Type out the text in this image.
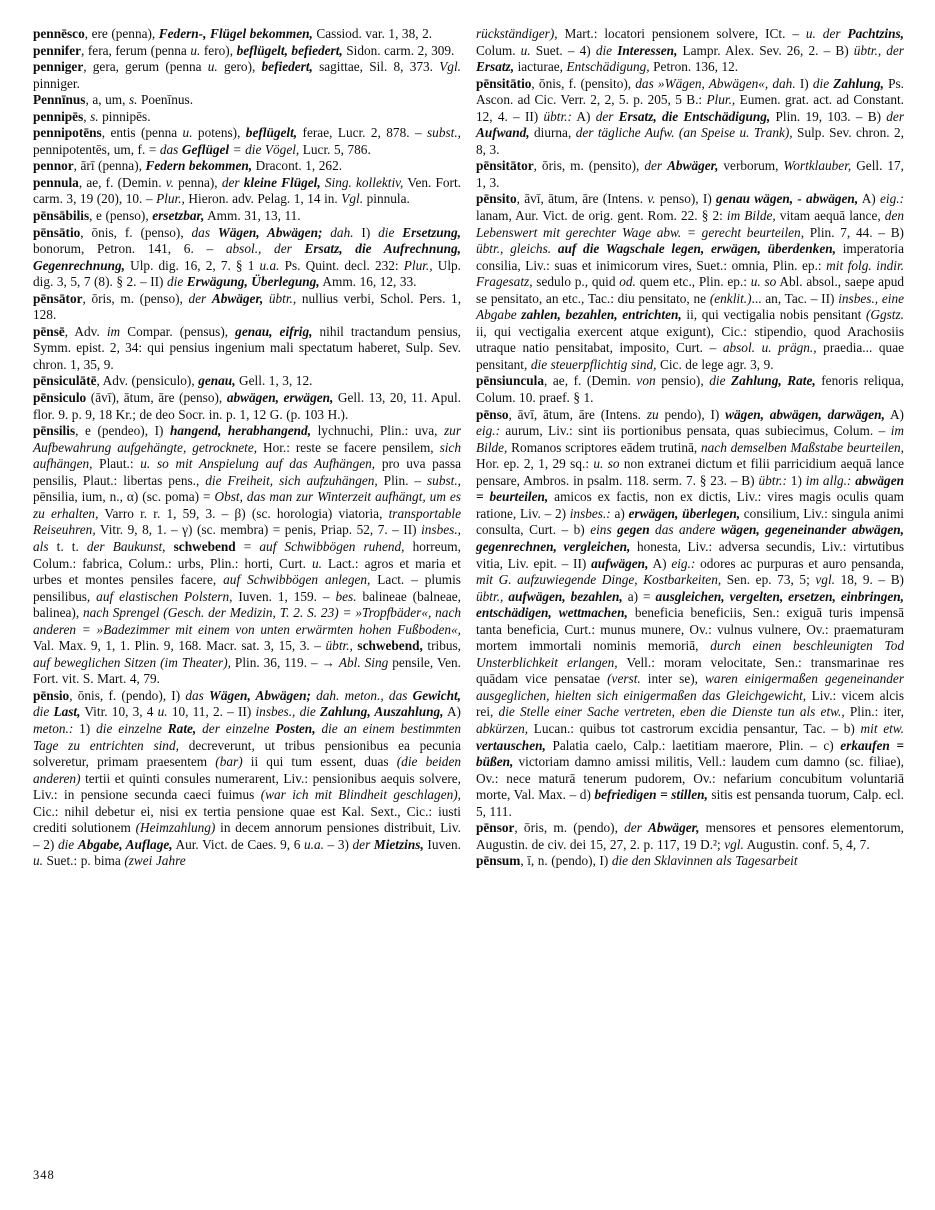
pennēsco, ere (penna), Federn-, Flügel bekommen, Cassiod. var. 1, 38, 2.

pennifer, fera, ferum (penna u. fero), beflügelt, befiedert, Sidon. carm. 2, 309.

penniger, gera, gerum (penna u. gero), befiedert, sagittae, Sil. 8, 373. Vgl. pinniger.

Pennīnus, a, um, s. Poenīnus.

pennipēs, s. pinnipēs.

pennipotēns, entis (penna u. potens), beflügelt, ferae, Lucr. 2, 878. – subst., pennipotentēs, um, f. = das Geflügel = die Vögel, Lucr. 5, 786.

pennor, ārī (penna), Federn bekommen, Dracont. 1, 262.

pennula, ae, f. (Demin. v. penna), der kleine Flügel, Sing. kollektiv, Ven. Fort. carm. 3, 19 (20), 10. – Plur., Hieron. adv. Pelag. 1, 14 in. Vgl. pinnula.

pēnsābilis, e (penso), ersetzbar, Amm. 31, 13, 11.

pēnsātio, ōnis, f. (penso), das Wägen, Abwägen; dah. I) die Ersetzung, bonorum, Petron. 141, 6. – absol., der Ersatz, die Aufrechnung, Gegenrechnung, Ulp. dig. 16, 2, 7. § 1 u.a. Ps. Quint. decl. 232: Plur., Ulp. dig. 3, 5, 7 (8). § 2. – II) die Erwägung, Überlegung, Amm. 16, 12, 33.

pēnsātor, ōris, m. (penso), der Abwäger, übtr., nullius verbi, Schol. Pers. 1, 128.

pēnsē, Adv. im Compar. (pensus), genau, eifrig, nihil tractandum pensius, Symm. epist. 2, 34: qui pensius ingenium mali spectatum haberet, Sulp. Sev. chron. 1, 35, 9.

pēnsiculātē, Adv. (pensiculo), genau, Gell. 1, 3, 12.

pēnsiculo (āvī), ātum, āre (penso), abwägen, erwägen, Gell. 13, 20, 11. Apul. flor. 9. p. 9, 18 Kr.; de deo Socr. in. p. 1, 12 G. (p. 103 H.).

pēnsilis, e (pendeo), I) hangend, herabhangend, lychnuchi, Plin.: uva, zur Aufbewahrung aufgehängte, getrocknete, Hor.: reste se facere pensilem, sich aufhängen, Plaut.: u. so mit Anspielung auf das Aufhängen, pro uva passa pensilis, Plaut.: libertas pens., die Freiheit, sich aufzuhängen, Plin. – subst., pēnsilia, ium, n., α) (sc. poma) = Obst, das man zur Winterzeit aufhängt, um es zu erhalten, Varro r. r. 1, 59, 3. – β) (sc. horologia) viatoria, transportable Reiseuhren, Vitr. 9, 8, 1. – γ) (sc. membra) = penis, Priap. 52, 7. – II) insbes., als t. t. der Baukunst, schwebend = auf Schwibbögen ruhend, horreum, Colum.: fabrica, Colum.: urbs, Plin.: horti, Curt. u. Lact.: agros et maria et urbes et montes pensiles facere, auf Schwibbögen anlegen, Lact. – plumis pensilibus, auf elastischen Polstern, Iuven. 1, 159. – bes. balineae (balneae, balinea), nach Sprengel (Gesch. der Medizin, T. 2. S. 23) = »Tropfbäder«, nach anderen = »Badezimmer mit einem von unten erwärmten hohen Fußboden«, Val. Max. 9, 1, 1. Plin. 9, 168. Macr. sat. 3, 15, 3. – übtr., schwebend, tribus, auf beweglichen Sitzen (im Theater), Plin. 36, 119. – → Abl. Sing pensile, Ven. Fort. vit. S. Mart. 4, 79.

pēnsio, ōnis, f. (pendo), I) das Wägen, Abwägen; dah. meton., das Gewicht, die Last, Vitr. 10, 3, 4 u. 10, 11, 2. – II) insbes., die Zahlung, Auszahlung, A) meton.: 1) die einzelne Rate, der einzelne Posten, die an einem bestimmten Tage zu entrichten sind, decreverunt, ut tribus pensionibus ea pecunia solveretur, primam praesentem (bar) ii qui tum essent, duas (die beiden anderen) tertii et quinti consules numerarent, Liv.: pensionibus aequis solvere, Liv.: in pensione secunda caeci fuimus (war ich mit Blindheit geschlagen), Cic.: nihil debetur ei, nisi ex tertia pensione quae est Kal. Sext., Cic.: iusti crediti solutionem (Heimzahlung) in decem annorum pensiones distribuit, Liv. – 2) die Abgabe, Auflage, Aur. Vict. de Caes. 9, 6 u.a. – 3) der Mietzins, Iuven. u. Suet.: p. bima (zwei Jahre

rückständiger), Mart.: locatori pensionem solvere, ICt. – u. der Pachtzins, Colum. u. Suet. – 4) die Interessen, Lampr. Alex. Sev. 26, 2. – B) übtr., der Ersatz, iacturae, Entschädigung, Petron. 136, 12.

pēnsitātio, ōnis, f. (pensito), das »Wägen, Abwägen«, dah. I) die Zahlung, Ps. Ascon. ad Cic. Verr. 2, 2, 5. p. 205, 5 B.: Plur., Eumen. grat. act. ad Constant. 12, 4. – II) übtr.: A) der Ersatz, die Entschädigung, Plin. 19, 103. – B) der Aufwand, diurna, der tägliche Aufw. (an Speise u. Trank), Sulp. Sev. chron. 2, 8, 3.

pēnsitātor, ōris, m. (pensito), der Abwäger, verborum, Wortklauber, Gell. 17, 1, 3.

pēnsito, āvī, ātum, āre (Intens. v. penso), I) genau wägen, - abwägen, A) eig.: lanam, Aur. Vict. de orig. gent. Rom. 22. § 2: im Bilde, vitam aequā lance, den Lebenswert mit gerechter Wage abw. = gerecht beurteilen, Plin. 7, 44. – B) übtr., gleichs. auf die Wagschale legen, erwägen, überdenken, imperatoria consilia, Liv.: suas et inimicorum vires, Suet.: omnia, Plin. ep.: mit folg. indir. Fragesatz, sedulo p., quid od. quem etc., Plin. ep.: u. so Abl. absol., saepe apud se pensitato, an etc., Tac.: diu pensitato, ne (enklit.)... an, Tac. – II) insbes., eine Abgabe zahlen, bezahlen, entrichten, ii, qui vectigalia nobis pensitant (Ggstz. ii, qui vectigalia exercent atque exigunt), Cic.: stipendio, quod Arachosiis utraque natio pensitabat, imposito, Curt. – absol. u. prägn., praedia... quae pensitant, die steuerpflichtig sind, Cic. de lege agr. 3, 9.

pēnsiuncula, ae, f. (Demin. von pensio), die Zahlung, Rate, fenoris reliqua, Colum. 10. praef. § 1.

pēnso, āvī, ātum, āre (Intens. zu pendo), I) wägen, abwägen, darwägen, A) eig.: aurum, Liv.: sint iis portionibus pensata, quas subiecimus, Colum. – im Bilde, Romanos scriptores eādem trutinā, nach demselben Maßstabe beurteilen, Hor. ep. 2, 1, 29 sq.: u. so non extranei dictum et filii parricidium aequā lance pensare, Ambros. in psalm. 118. serm. 7. § 23. – B) übtr.: 1) im allg.: abwägen = beurteilen, amicos ex factis, non ex dictis, Liv.: vires magis oculis quam ratione, Liv. – 2) insbes.: a) erwägen, überlegen, consilium, Liv.: singula animi consulta, Curt. – b) eins gegen das andere wägen, gegeneinander abwägen, gegenrechnen, vergleichen, honesta, Liv.: adversa secundis, Liv.: virtutibus vitia, Liv. epit. – II) aufwägen, A) eig.: odores ac purpuras et auro pensanda, mit G. aufzuwiegende Dinge, Kostbarkeiten, Sen. ep. 73, 5; vgl. 18, 9. – B) übtr., aufwägen, bezahlen, a) = ausgleichen, vergelten, ersetzen, einbringen, entschädigen, wettmachen, beneficia beneficiis, Sen.: exiguā turis impensā tanta beneficia, Curt.: munus munere, Ov.: vulnus vulnere, Ov.: praematuram mortem immortali nominis memoriā, durch einen beschleunigten Tod Unsterblichkeit erlangen, Vell.: moram velocitate, Sen.: transmarinae res quādam vice pensatae (verst. inter se), waren einigermaßen gegeneinander ausgeglichen, hielten sich einigermaßen das Gleichgewicht, Liv.: vicem alcis rei, die Stelle einer Sache vertreten, eben die Dienste tun als etw., Plin.: iter, abkürzen, Lucan.: quibus tot castrorum excidia pensantur, Tac. – b) mit etw. vertauschen, Palatia caelo, Calp.: laetitiam maerore, Plin. – c) erkaufen = büßen, victoriam damno amissi militis, Vell.: laudem cum damno (sc. filiae), Ov.: nece maturā tenerum pudorem, Ov.: nefarium concubitum voluntariā morte, Val. Max. – d) befriedigen = stillen, sitis est pensanda tuorum, Calp. ecl. 5, 111.

pēnsor, ōris, m. (pendo), der Abwäger, mensores et pensores elementorum, Augustin. de civ. dei 15, 27, 2. p. 117, 19 D.²; vgl. Augustin. conf. 5, 4, 7.

pēnsum, ī, n. (pendo), I) die den Sklavinnen als Tagesarbeit

348
